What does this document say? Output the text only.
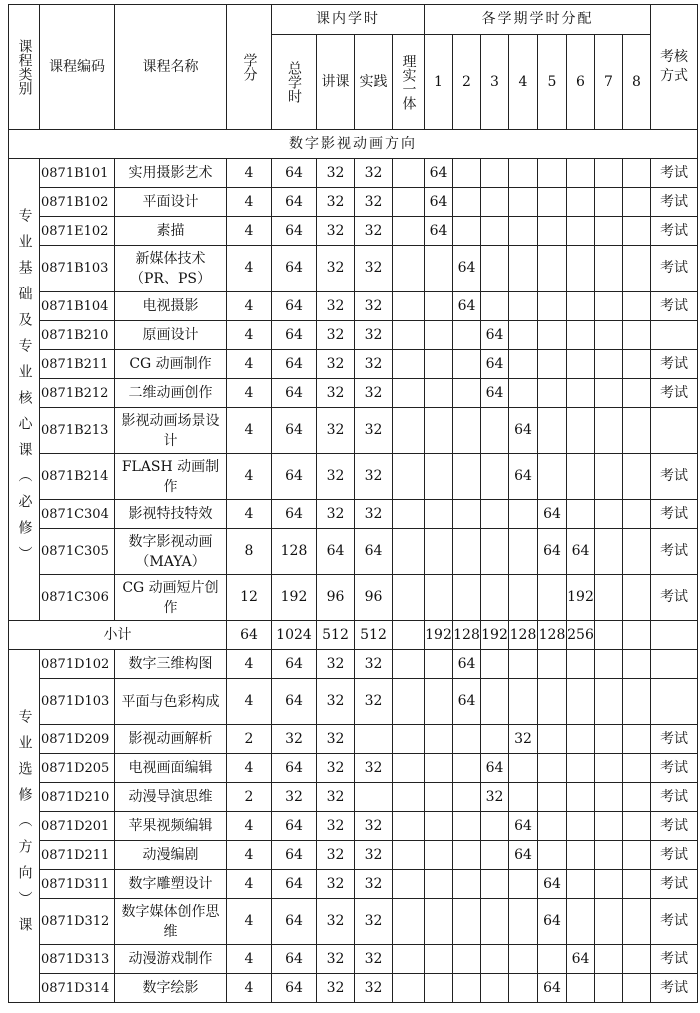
课程类别	课程编码	课程名称	学分	课内学时				各学期学时分配								考核方式
				总学时	讲课	实践	理实一体	1	2	3	4	5	6	7	8	
数字影视动画方向																
专业基础及专业核心课（必修）	0871B101	实用摄影艺术	4	64	32	32		64								考试
	0871B102	平面设计	4	64	32	32		64								考试
	0871E102	素描	4	64	32	32		64								考试
	0871B103	新媒体技术（PR、PS）	4	64	32	32			64							考试
	0871B104	电视摄影	4	64	32	32			64							考试
	0871B210	原画设计	4	64	32	32				64						
	0871B211	CG 动画制作	4	64	32	32				64						考试
	0871B212	二维动画创作	4	64	32	32				64						考试
	0871B213	影视动画场景设计	4	64	32	32					64					
	0871B214	FLASH 动画制作	4	64	32	32					64					考试
	0871C304	影视特技特效	4	64	32	32						64				考试
	0871C305	数字影视动画（MAYA）	8	128	64	64						64	64			考试
	0871C306	CG 动画短片创作	12	192	96	96							192			考试
小计			64	1024	512	512		192	128	192	128	128	256			
专业选修（方向）课	0871D102	数字三维构图	4	64	32	32			64							
	0871D103	平面与色彩构成	4	64	32	32			64							
	0871D209	影视动画解析	2	32	32						32					考试
	0871D205	电视画面编辑	4	64	32	32				64						考试
	0871D210	动漫导演思维	2	32	32					32						考试
	0871D201	苹果视频编辑	4	64	32	32					64					考试
	0871D211	动漫编剧	4	64	32	32					64					考试
	0871D311	数字雕塑设计	4	64	32	32						64				考试
	0871D312	数字媒体创作思维	4	64	32	32						64				考试
	0871D313	动漫游戏制作	4	64	32	32							64			考试
	0871D314	数字绘影	4	64	32	32						64				考试
